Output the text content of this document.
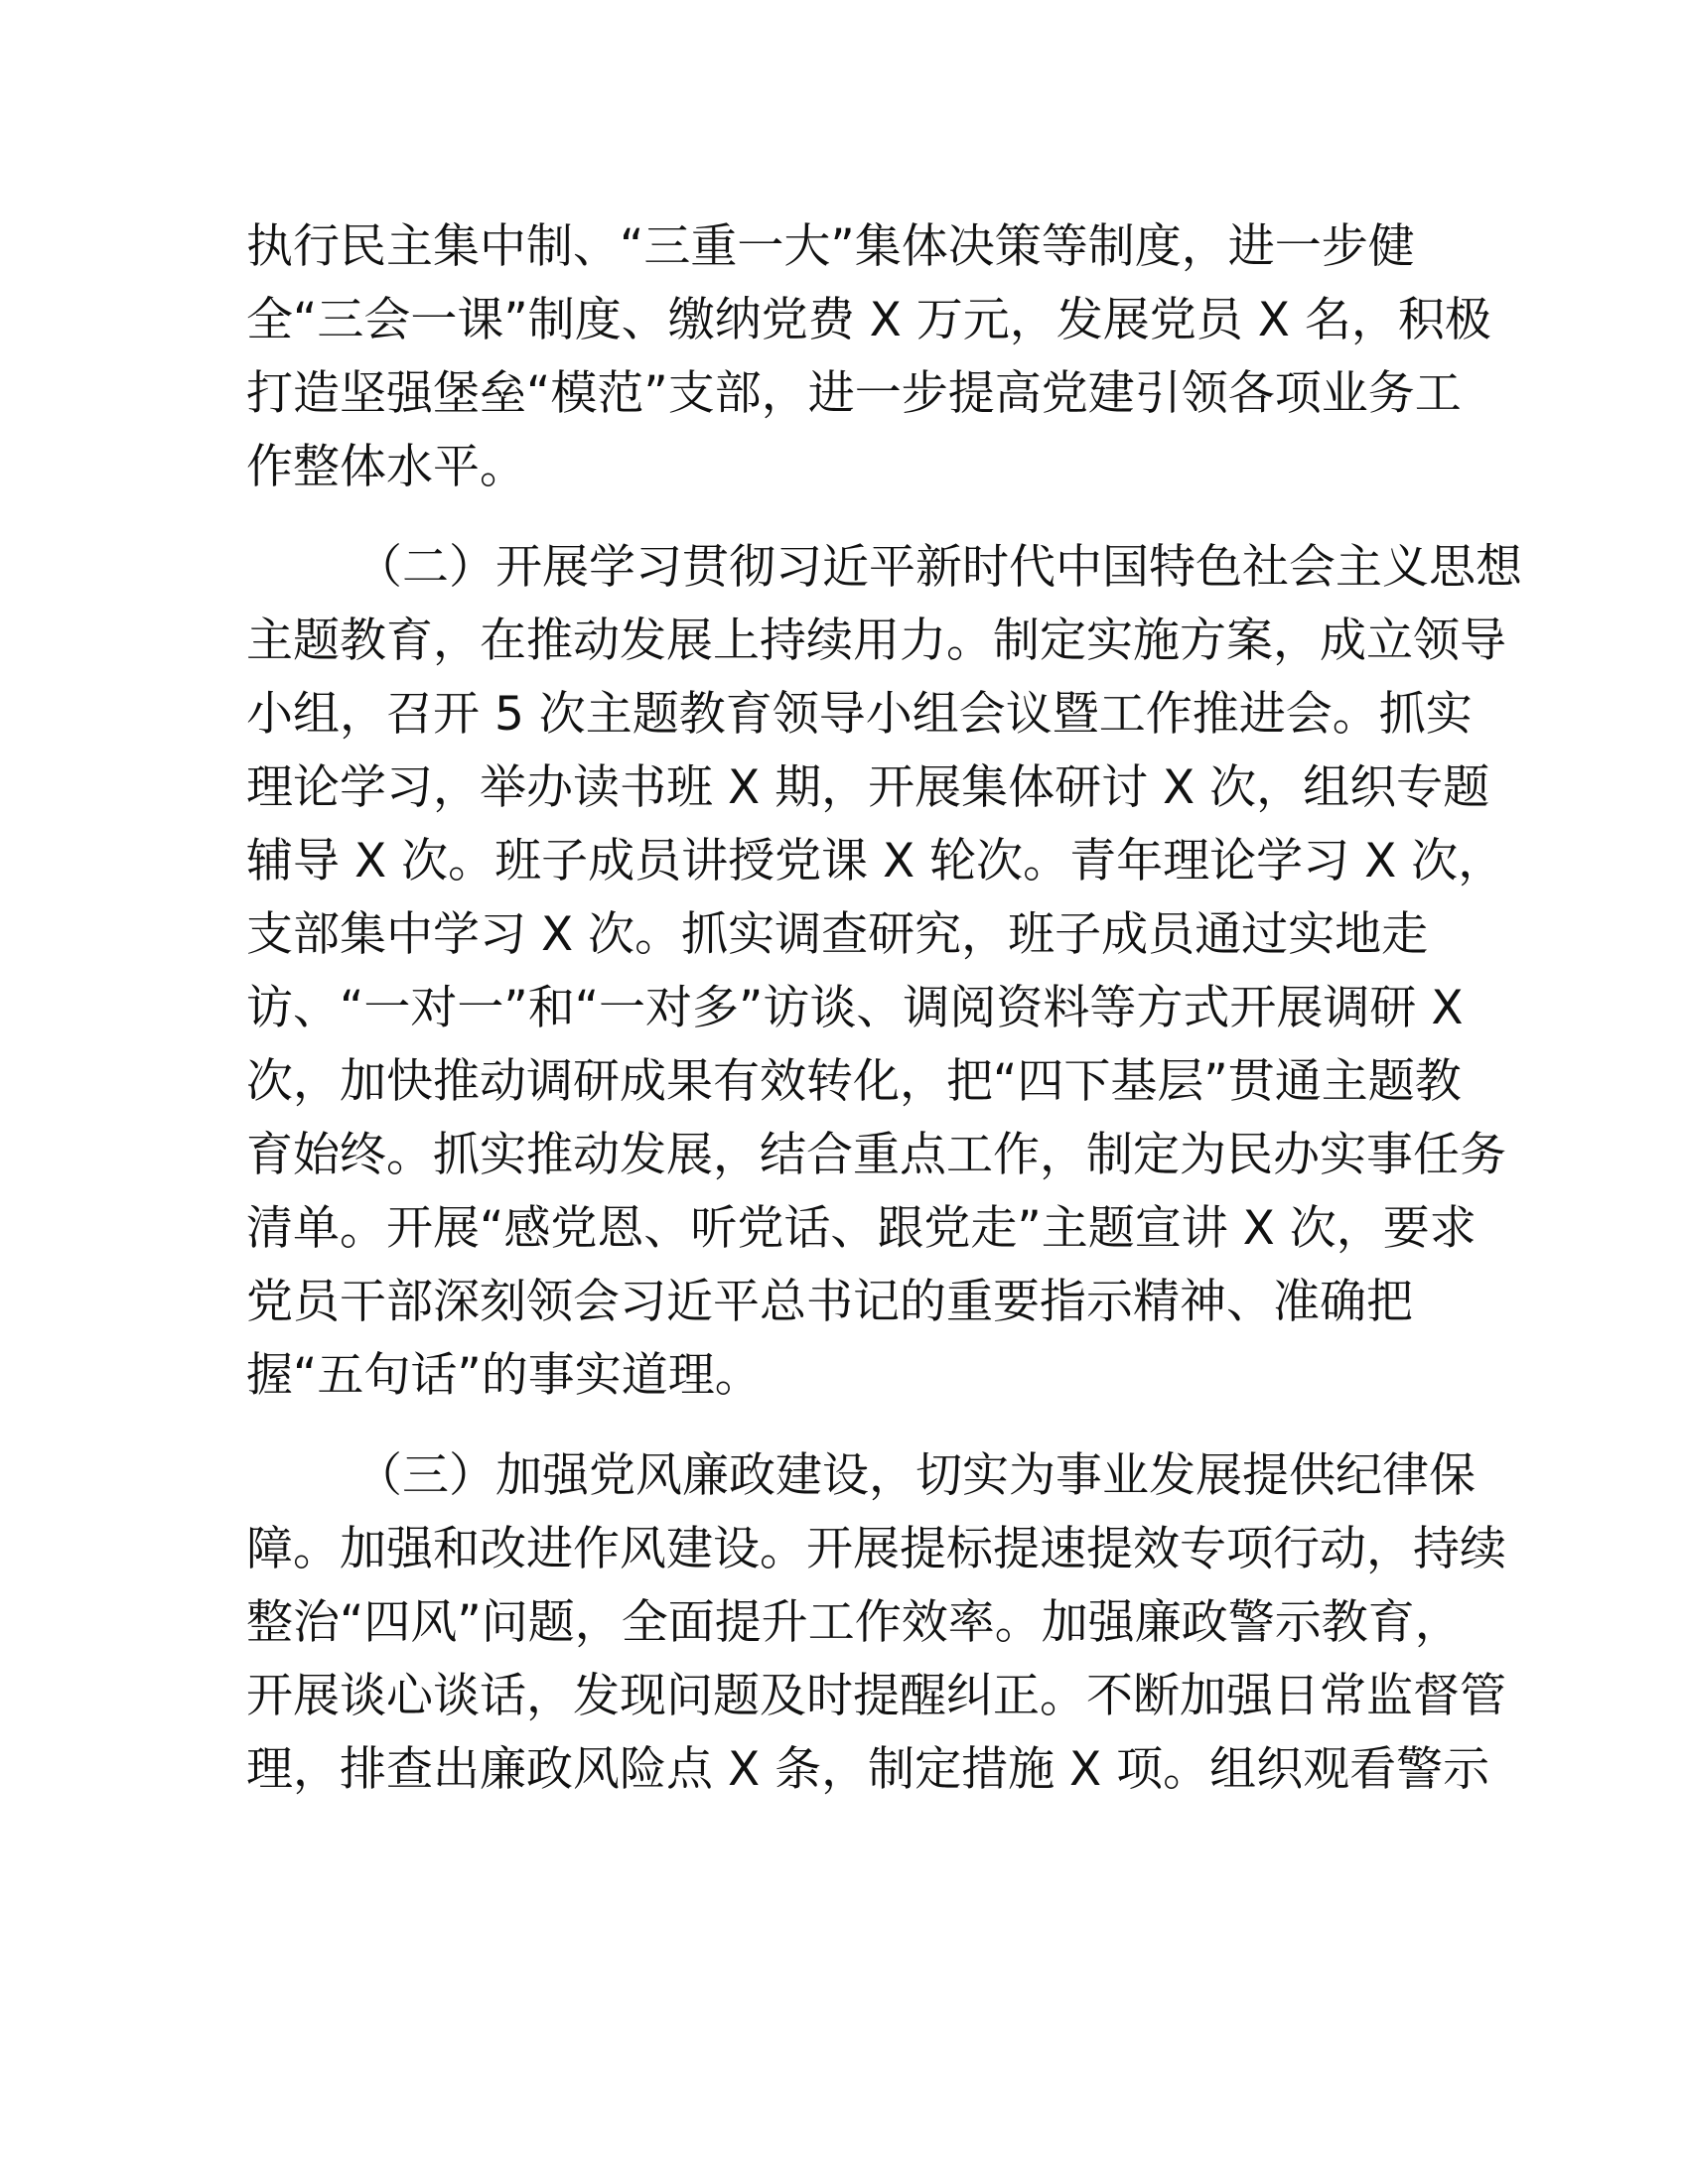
执行民主集中制、“三重一大”集体决策等制度，进一步健
全“三会一课”制度、缴纳党费 X 万元，发展党员 X 名，积极
打造坚强堡垒“模范”支部，进一步提高党建引领各项业务工
作整体水平。
（二）开展学习贯彻习近平新时代中国特色社会主义思想
主题教育，在推动发展上持续用力。制定实施方案，成立领导
小组，召开 5 次主题教育领导小组会议暨工作推进会。抓实
理论学习，举办读书班 X 期，开展集体研讨 X 次，组织专题
辅导 X 次。班子成员讲授党课 X 轮次。青年理论学习 X 次，
支部集中学习 X 次。抓实调查研究，班子成员通过实地走
访、“一对一”和“一对多”访谈、调阅资料等方式开展调研 X
次，加快推动调研成果有效转化，把“四下基层”贯通主题教
育始终。抓实推动发展，结合重点工作，制定为民办实事任务
清单。开展“感党恩、听党话、跟党走”主题宣讲 X 次，要求
党员干部深刻领会习近平总书记的重要指示精神、准确把
握“五句话”的事实道理。
（三）加强党风廉政建设，切实为事业发展提供纪律保
障。加强和改进作风建设。开展提标提速提效专项行动，持续
整治“四风”问题，全面提升工作效率。加强廉政警示教育，
开展谈心谈话，发现问题及时提醒纠正。不断加强日常监督管
理，排查出廉政风险点 X 条，制定措施 X 项。组织观看警示
